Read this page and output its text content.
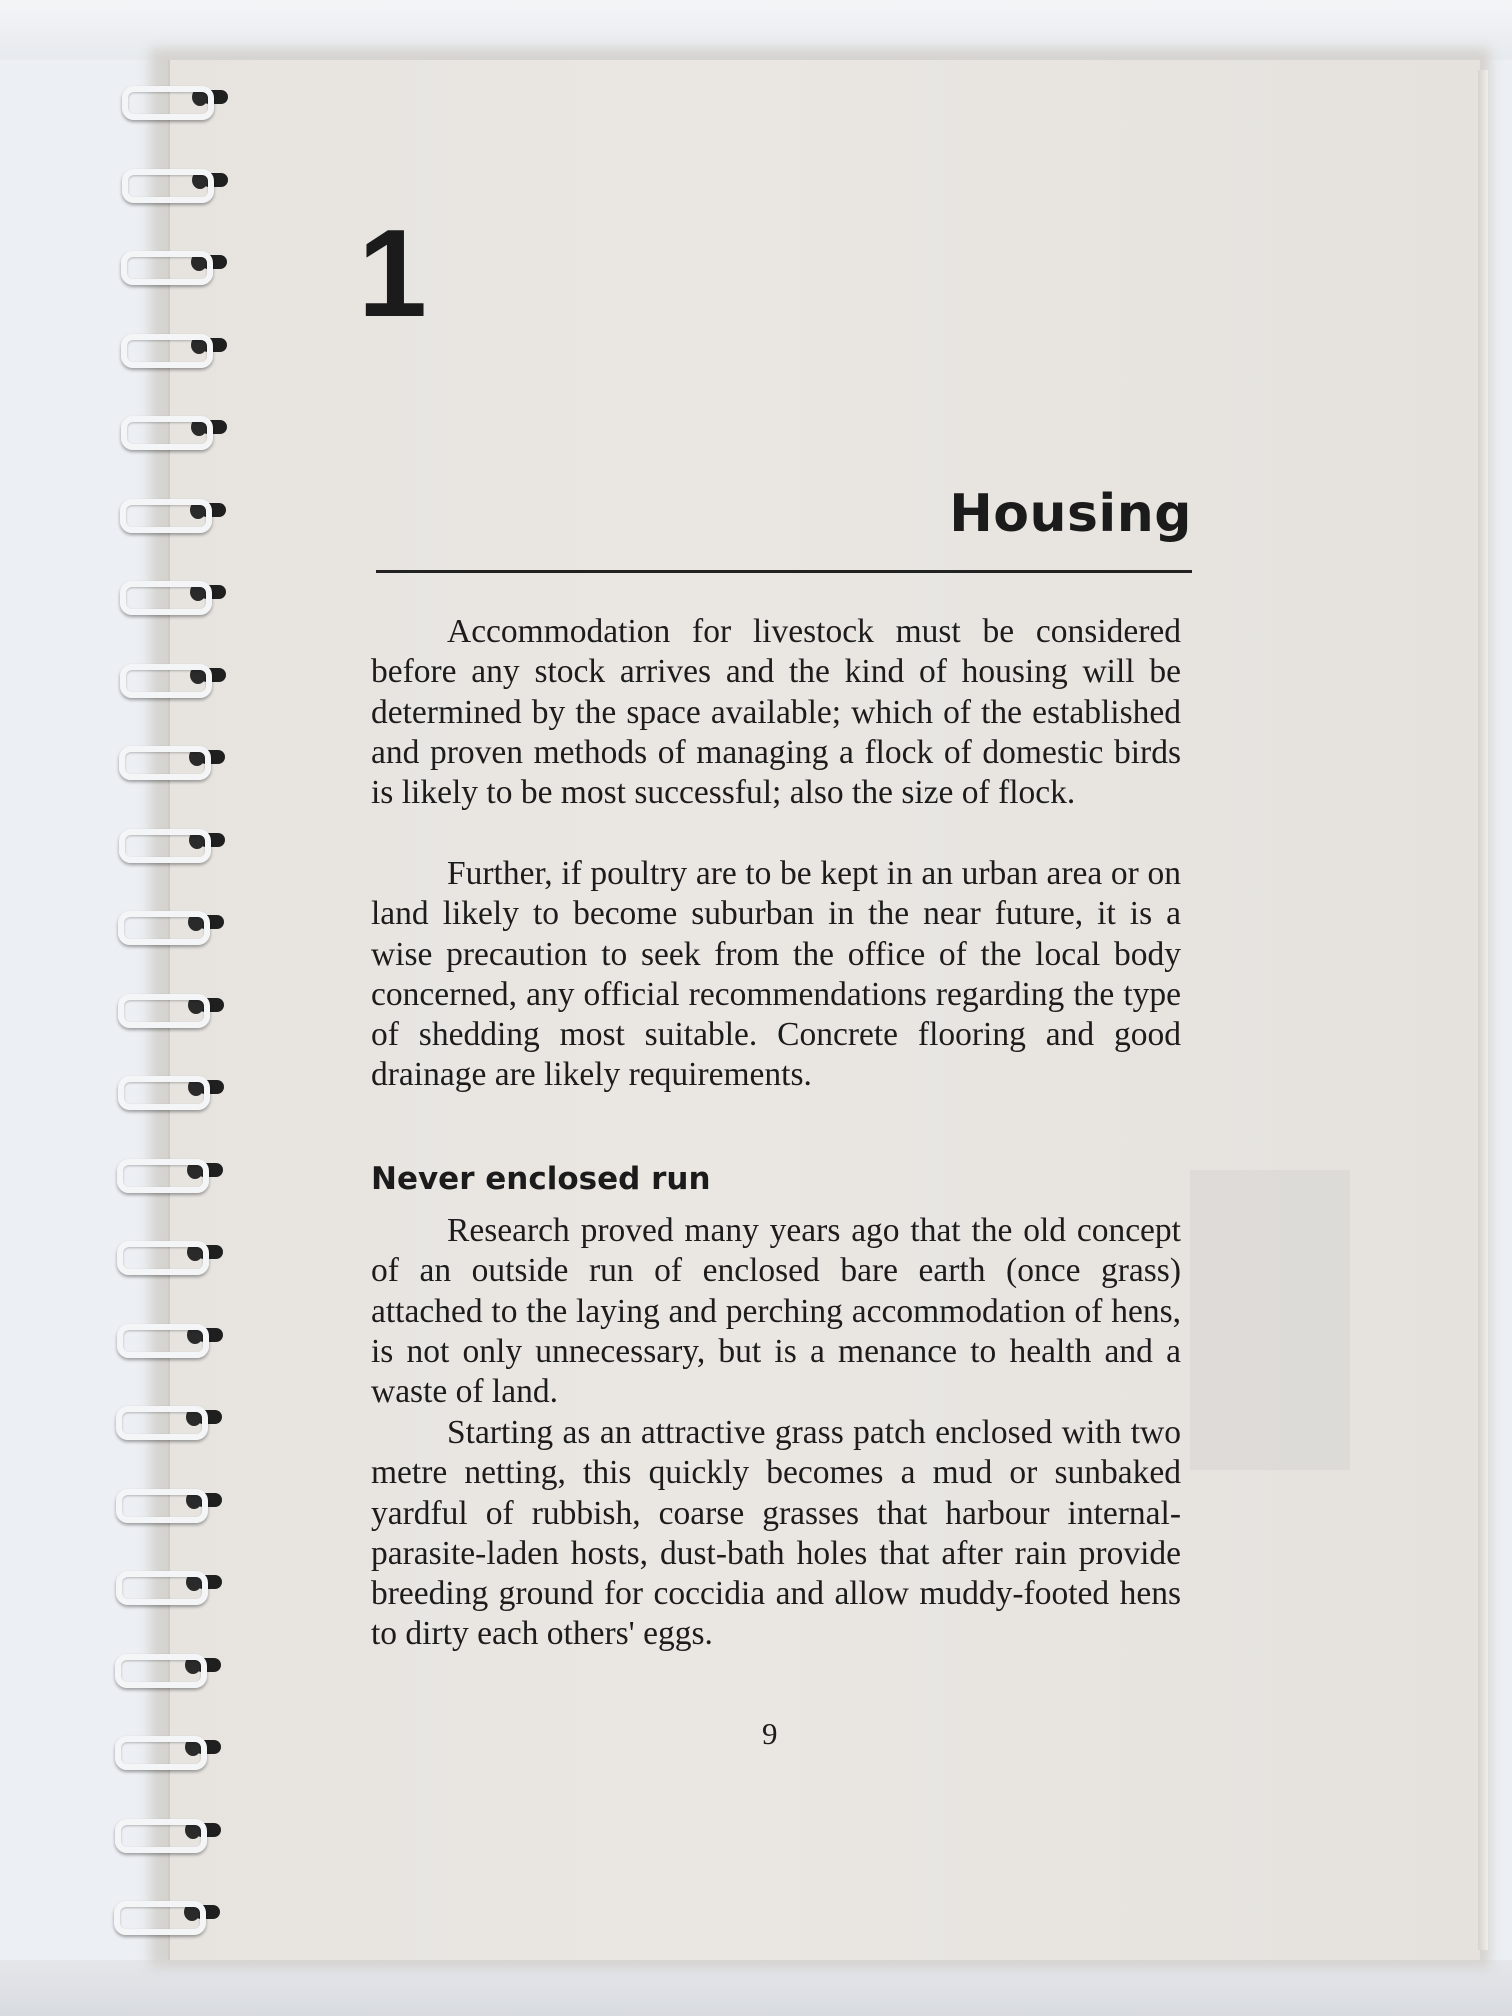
1
Housing
Accommodation for livestock must be considered before any stock arrives and the kind of housing will be determined by the space available; which of the established and proven methods of managing a flock of domestic birds is likely to be most successful; also the size of flock.
Further, if poultry are to be kept in an urban area or on land likely to become suburban in the near future, it is a wise precaution to seek from the office of the local body concerned, any official recommendations regarding the type of shedding most suitable. Concrete flooring and good drainage are likely requirements.
Never enclosed run
Research proved many years ago that the old concept of an outside run of enclosed bare earth (once grass) attached to the laying and perching accommodation of hens, is not only unnecessary, but is a menance to health and a waste of land.
Starting as an attractive grass patch enclosed with two metre netting, this quickly becomes a mud or sunbaked yardful of rubbish, coarse grasses that harbour internal-parasite-laden hosts, dust-bath holes that after rain provide breeding ground for coccidia and allow muddy-footed hens to dirty each others' eggs.
9
